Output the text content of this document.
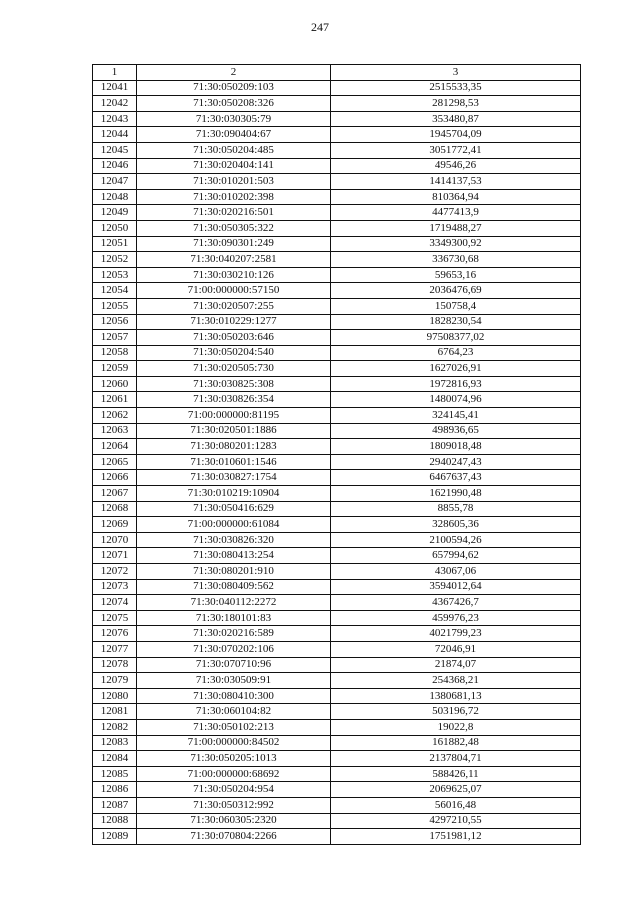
247
1	2	3
12041	71:30:050209:103	2515533,35
12042	71:30:050208:326	281298,53
12043	71:30:030305:79	353480,87
12044	71:30:090404:67	1945704,09
12045	71:30:050204:485	3051772,41
12046	71:30:020404:141	49546,26
12047	71:30:010201:503	1414137,53
12048	71:30:010202:398	810364,94
12049	71:30:020216:501	4477413,9
12050	71:30:050305:322	1719488,27
12051	71:30:090301:249	3349300,92
12052	71:30:040207:2581	336730,68
12053	71:30:030210:126	59653,16
12054	71:00:000000:57150	2036476,69
12055	71:30:020507:255	150758,4
12056	71:30:010229:1277	1828230,54
12057	71:30:050203:646	97508377,02
12058	71:30:050204:540	6764,23
12059	71:30:020505:730	1627026,91
12060	71:30:030825:308	1972816,93
12061	71:30:030826:354	1480074,96
12062	71:00:000000:81195	324145,41
12063	71:30:020501:1886	498936,65
12064	71:30:080201:1283	1809018,48
12065	71:30:010601:1546	2940247,43
12066	71:30:030827:1754	6467637,43
12067	71:30:010219:10904	1621990,48
12068	71:30:050416:629	8855,78
12069	71:00:000000:61084	328605,36
12070	71:30:030826:320	2100594,26
12071	71:30:080413:254	657994,62
12072	71:30:080201:910	43067,06
12073	71:30:080409:562	3594012,64
12074	71:30:040112:2272	4367426,7
12075	71:30:180101:83	459976,23
12076	71:30:020216:589	4021799,23
12077	71:30:070202:106	72046,91
12078	71:30:070710:96	21874,07
12079	71:30:030509:91	254368,21
12080	71:30:080410:300	1380681,13
12081	71:30:060104:82	503196,72
12082	71:30:050102:213	19022,8
12083	71:00:000000:84502	161882,48
12084	71:30:050205:1013	2137804,71
12085	71:00:000000:68692	588426,11
12086	71:30:050204:954	2069625,07
12087	71:30:050312:992	56016,48
12088	71:30:060305:2320	4297210,55
12089	71:30:070804:2266	1751981,12
